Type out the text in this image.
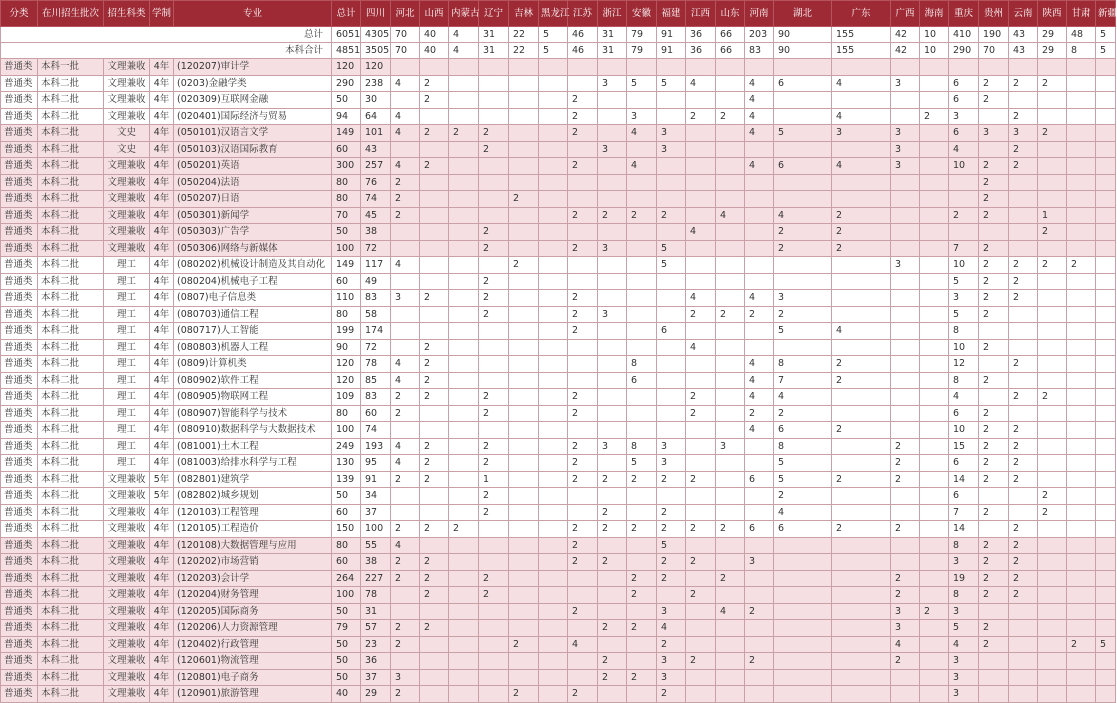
分类	在川招生批次	招生科类	学制	专业	总计	四川	河北	山西	内蒙古	辽宁	吉林	黑龙江	江苏	浙江	安徽	福建	江西	山东	河南	湖北	广东	广西	海南	重庆	贵州	云南	陕西	甘肃	新疆
总计					6051	4305	70	40	4	31	22	5	46	31	79	91	36	66	203	90	155	42	10	410	190	43	29	48	5
本科合计					4851	3505	70	40	4	31	22	5	46	31	79	91	36	66	83	90	155	42	10	290	70	43	29	8	5
普通类	本科一批	文理兼收	4年	(120207)审计学	120	120																							
普通类	本科二批	文理兼收	4年	(0203)金融学类	290	238	4	2						3	5	5	4		4	6	4	3		6	2	2	2		
普通类	本科二批	文理兼收	4年	(020309)互联网金融	50	30		2					2						4					6	2				
普通类	本科二批	文理兼收	4年	(020401)国际经济与贸易	94	64	4						2		3		2	2	4		4		2	3		2			
普通类	本科二批	文史	4年	(050101)汉语言文学	149	101	4	2	2	2			2		4	3			4	5	3	3		6	3	3	2		
普通类	本科二批	文史	4年	(050103)汉语国际教育	60	43				2				3		3						3		4		2			
普通类	本科二批	文理兼收	4年	(050201)英语	300	257	4	2					2		4				4	6	4	3		10	2	2			
普通类	本科二批	文理兼收	4年	(050204)法语	80	76	2																		2				
普通类	本科二批	文理兼收	4年	(050207)日语	80	74	2				2														2				
普通类	本科二批	文理兼收	4年	(050301)新闻学	70	45	2						2	2	2	2		4		4	2			2	2		1		
普通类	本科二批	文理兼收	4年	(050303)广告学	50	38				2							4			2	2						2		
普通类	本科二批	文理兼收	4年	(050306)网络与新媒体	100	72				2			2	3		5				2	2			7	2				
普通类	本科二批	理工	4年	(080202)机械设计制造及其自动化	149	117	4				2					5						3		10	2	2	2	2	
普通类	本科二批	理工	4年	(080204)机械电子工程	60	49				2														5	2	2			
普通类	本科二批	理工	4年	(0807)电子信息类	110	83	3	2		2			2				4		4	3				3	2	2			
普通类	本科二批	理工	4年	(080703)通信工程	80	58				2			2	3			2	2	2	2				5	2				
普通类	本科二批	理工	4年	(080717)人工智能	199	174							2			6				5	4			8					
普通类	本科二批	理工	4年	(080803)机器人工程	90	72		2									4							10	2				
普通类	本科二批	理工	4年	(0809)计算机类	120	78	4	2							8				4	8	2			12		2			
普通类	本科二批	理工	4年	(080902)软件工程	120	85	4	2							6				4	7	2			8	2				
普通类	本科二批	理工	4年	(080905)物联网工程	109	83	2	2		2			2				2		4	4				4		2	2		
普通类	本科二批	理工	4年	(080907)智能科学与技术	80	60	2			2			2				2		2	2				6	2				
普通类	本科二批	理工	4年	(080910)数据科学与大数据技术	100	74													4	6	2			10	2	2			
普通类	本科二批	理工	4年	(081001)土木工程	249	193	4	2		2			2	3	8	3		3		8		2		15	2	2			
普通类	本科二批	理工	4年	(081003)给排水科学与工程	130	95	4	2		2			2		5	3				5		2		6	2	2			
普通类	本科二批	文理兼收	5年	(082801)建筑学	139	91	2	2		1			2	2	2	2	2		6	5	2	2		14	2	2			
普通类	本科二批	文理兼收	5年	(082802)城乡规划	50	34				2										2				6			2		
普通类	本科二批	文理兼收	4年	(120103)工程管理	60	37				2				2		2				4				7	2		2		
普通类	本科二批	文理兼收	4年	(120105)工程造价	150	100	2	2	2				2	2	2	2	2	2	6	6	2	2		14		2			
普通类	本科二批	文理兼收	4年	(120108)大数据管理与应用	80	55	4						2			5								8	2	2			
普通类	本科二批	文理兼收	4年	(120202)市场营销	60	38	2	2					2	2		2	2		3					3	2	2			
普通类	本科二批	文理兼收	4年	(120203)会计学	264	227	2	2		2					2	2		2				2		19	2	2			
普通类	本科二批	文理兼收	4年	(120204)财务管理	100	78		2		2					2		2					2		8	2	2			
普通类	本科二批	文理兼收	4年	(120205)国际商务	50	31							2			3		4	2			3	2	3					
普通类	本科二批	文理兼收	4年	(120206)人力资源管理	79	57	2	2						2	2	4						3		5	2				
普通类	本科二批	文理兼收	4年	(120402)行政管理	50	23	2				2		4			2						4		4	2			2	5
普通类	本科二批	文理兼收	4年	(120601)物流管理	50	36								2		3	2		2			2		3					
普通类	本科二批	文理兼收	4年	(120801)电子商务	50	37	3							2	2	3								3					
普通类	本科二批	文理兼收	4年	(120901)旅游管理	40	29	2				2		2			2								3					
